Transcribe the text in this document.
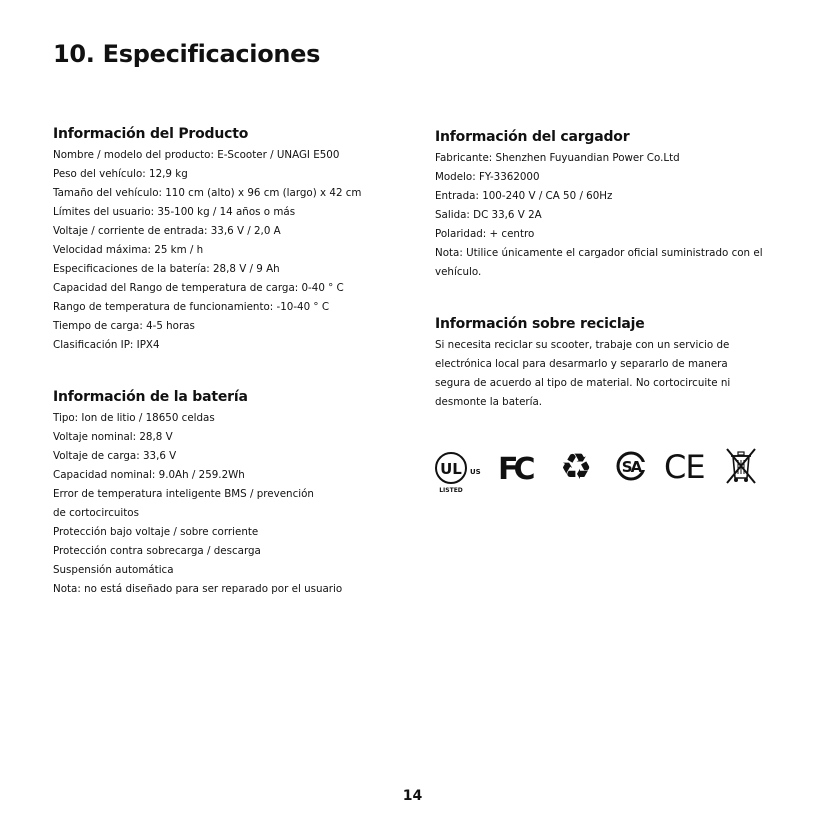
10. Especificaciones
Información del Producto
Nombre / modelo del producto: E-Scooter / UNAGI E500
Peso del vehículo: 12,9 kg
Tamaño del vehículo: 110 cm (alto) x 96 cm (largo) x 42 cm
Límites del usuario: 35-100 kg / 14 años o más
Voltaje / corriente de entrada: 33,6 V / 2,0 A
Velocidad máxima: 25 km / h
Especificaciones de la batería: 28,8 V / 9 Ah
Capacidad del Rango de temperatura de carga: 0-40 ° C
Rango de temperatura de funcionamiento: -10-40 ° C
Tiempo de carga: 4-5 horas
Clasificación IP: IPX4
Información de la batería
Tipo: Ion de litio / 18650 celdas
Voltaje nominal: 28,8 V
Voltaje de carga: 33,6 V
Capacidad nominal: 9.0Ah / 259.2Wh
Error de temperatura inteligente BMS / prevención
de cortocircuitos
Protección bajo voltaje / sobre corriente
Protección contra sobrecarga / descarga
Suspensión automática
Nota: no está diseñado para ser reparado por el usuario
Información del cargador
Fabricante: Shenzhen Fuyuandian Power Co.Ltd
Modelo: FY-3362000
Entrada: 100-240 V / CA 50 / 60Hz
Salida: DC 33,6 V 2A
Polaridad: + centro
Nota: Utilice únicamente el cargador oficial suministrado con el vehículo.
Información sobre reciclaje

Si necesita reciclar su scooter, trabaje con un servicio de electrónica local para desarmarlo y separarlo de manera segura de acuerdo al tipo de material. No cortocircuite ni desmonte la batería.

UL US
LISTED
FC ♻ SA CE
14
